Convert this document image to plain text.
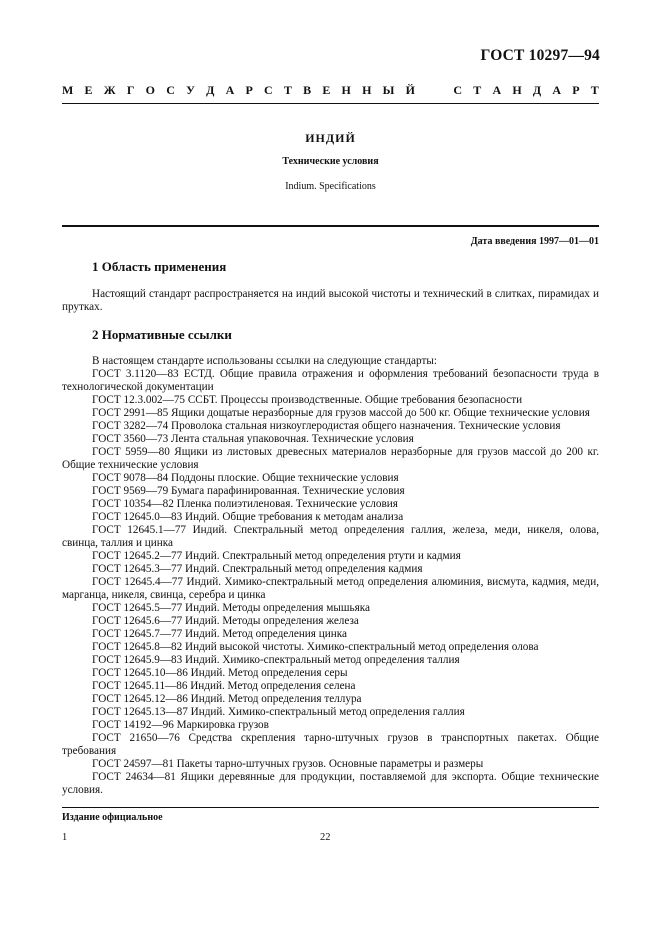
ГОСТ 10297—94
М Е Ж Г О С У Д А Р С Т В Е Н Н Ы Й	С Т А Н Д А Р Т
ИНДИЙ
Технические условия
Indium. Specifications
Дата введения 1997—01—01
1 Область применения
Настоящий стандарт распространяется на индий высокой чистоты и технический в слитках, пирамидах и прутках.
2 Нормативные ссылки
В настоящем стандарте использованы ссылки на следующие стандарты:
ГОСТ 3.1120—83 ЕСТД. Общие правила отражения и оформления требований безопасности труда в технологической документации
ГОСТ 12.3.002—75 ССБТ. Процессы производственные. Общие требования безопасности
ГОСТ 2991—85 Ящики дощатые неразборные для грузов массой до 500 кг. Общие технические условия
ГОСТ 3282—74 Проволока стальная низкоуглеродистая общего назначения. Технические условия
ГОСТ 3560—73 Лента стальная упаковочная. Технические условия
ГОСТ 5959—80 Ящики из листовых древесных материалов неразборные для грузов массой до 200 кг. Общие технические условия
ГОСТ 9078—84 Поддоны плоские. Общие технические условия
ГОСТ 9569—79 Бумага парафинированная. Технические условия
ГОСТ 10354—82 Пленка полиэтиленовая. Технические условия
ГОСТ 12645.0—83 Индий. Общие требования к методам анализа
ГОСТ 12645.1—77 Индий. Спектральный метод определения галлия, железа, меди, никеля, олова, свинца, таллия и цинка
ГОСТ 12645.2—77 Индий. Спектральный метод определения ртути и кадмия
ГОСТ 12645.3—77 Индий. Спектральный метод определения кадмия
ГОСТ 12645.4—77 Индий. Химико-спектральный метод определения алюминия, висмута, кадмия, меди, марганца, никеля, свинца, серебра и цинка
ГОСТ 12645.5—77 Индий. Методы определения мышьяка
ГОСТ 12645.6—77 Индий. Методы определения железа
ГОСТ 12645.7—77 Индий. Метод определения цинка
ГОСТ 12645.8—82 Индий высокой чистоты. Химико-спектральный метод определения олова
ГОСТ 12645.9—83 Индий. Химико-спектральный метод определения таллия
ГОСТ 12645.10—86 Индий. Метод определения серы
ГОСТ 12645.11—86 Индий. Метод определения селена
ГОСТ 12645.12—86 Индий. Метод определения теллура
ГОСТ 12645.13—87 Индий. Химико-спектральный метод определения галлия
ГОСТ 14192—96 Маркировка грузов
ГОСТ 21650—76 Средства скрепления тарно-штучных грузов в транспортных пакетах. Общие требования
ГОСТ 24597—81 Пакеты тарно-штучных грузов. Основные параметры и размеры
ГОСТ 24634—81 Ящики деревянные для продукции, поставляемой для экспорта. Общие технические условия.
Издание официальное
1	22
